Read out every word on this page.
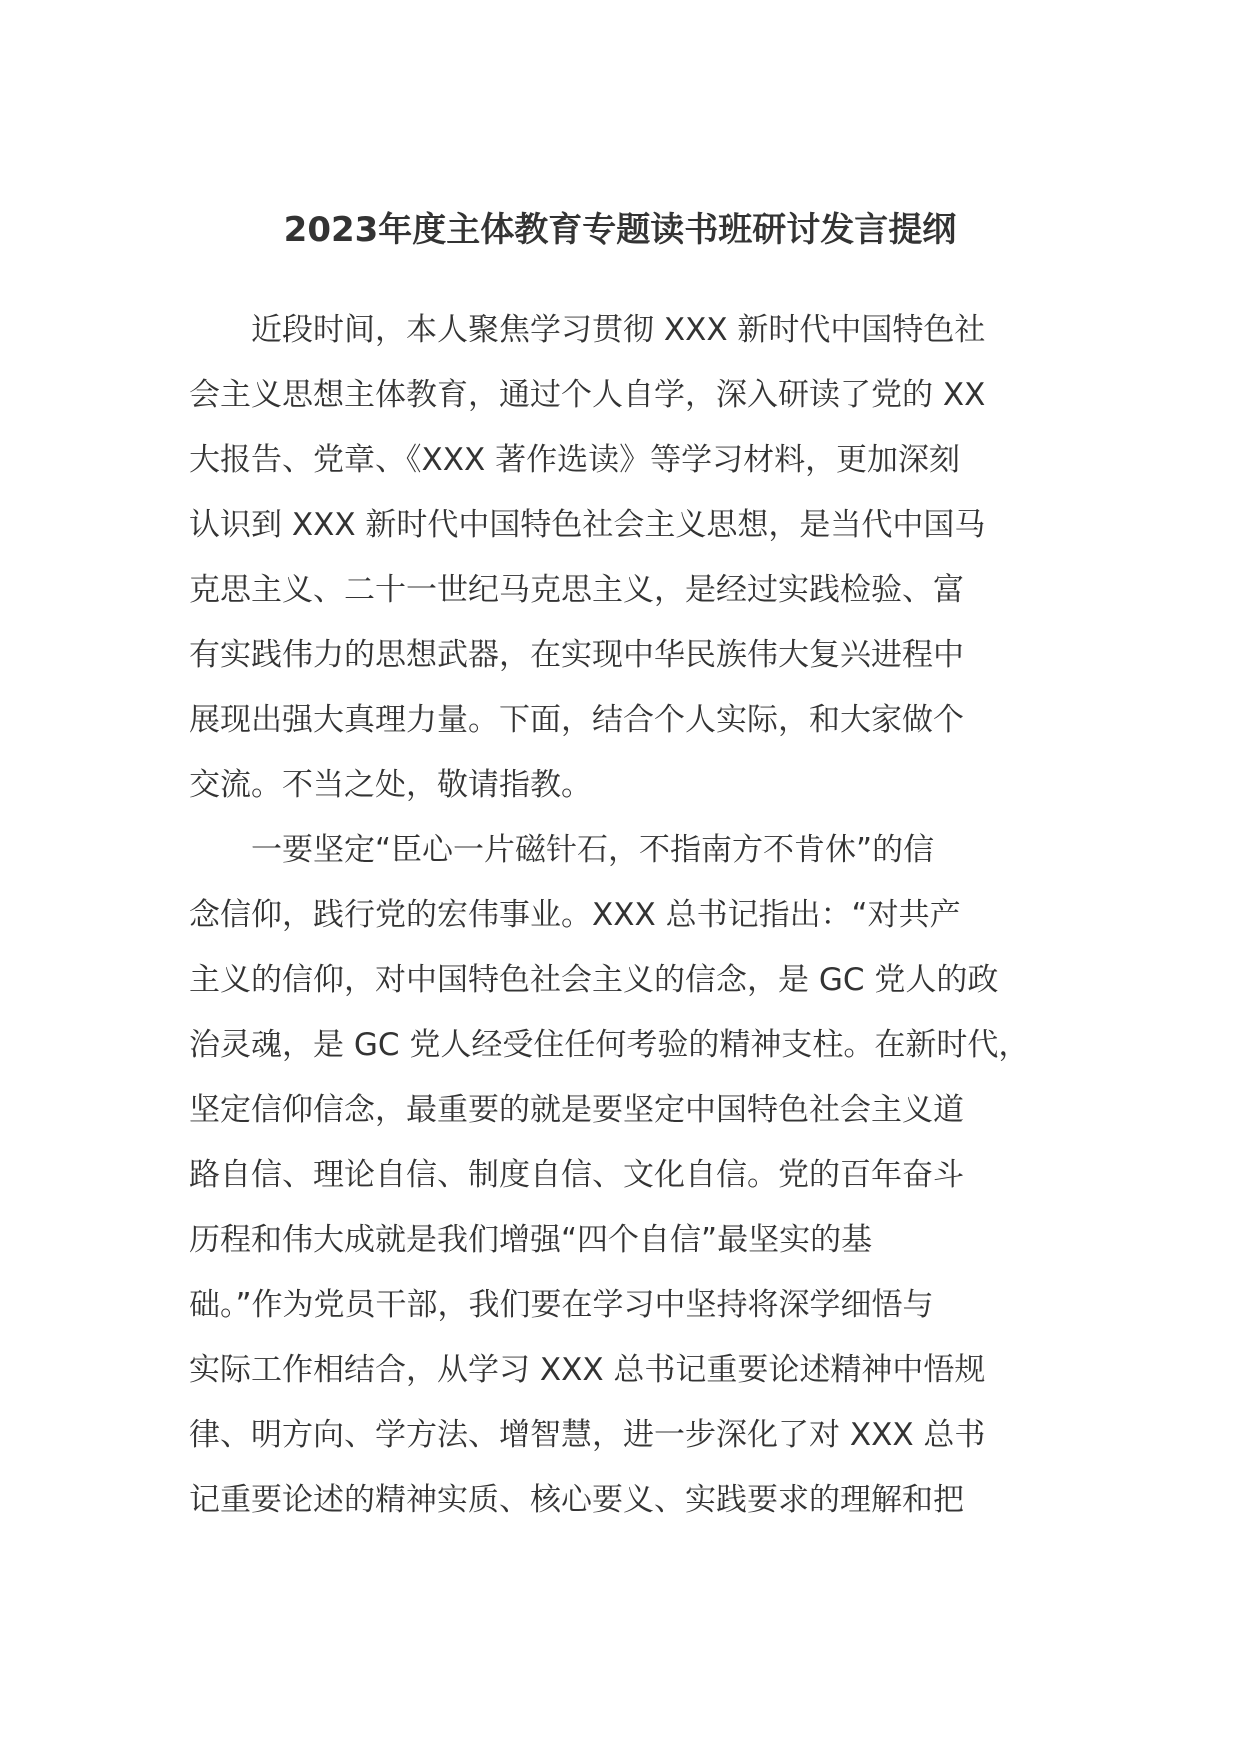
2023年度主体教育专题读书班研讨发言提纲
　　近段时间，本人聚焦学习贯彻 XXX 新时代中国特色社
会主义思想主体教育，通过个人自学，深入研读了党的 XX
大报告、党章、《XXX 著作选读》等学习材料，更加深刻
认识到 XXX 新时代中国特色社会主义思想，是当代中国马
克思主义、二十一世纪马克思主义，是经过实践检验、富
有实践伟力的思想武器，在实现中华民族伟大复兴进程中
展现出强大真理力量。下面，结合个人实际，和大家做个
交流。不当之处，敬请指教。
　　一要坚定“臣心一片磁针石，不指南方不肯休”的信
念信仰，践行党的宏伟事业。XXX 总书记指出：“对共产
主义的信仰，对中国特色社会主义的信念，是 GC 党人的政
治灵魂，是 GC 党人经受住任何考验的精神支柱。在新时代，
坚定信仰信念，最重要的就是要坚定中国特色社会主义道
路自信、理论自信、制度自信、文化自信。党的百年奋斗
历程和伟大成就是我们增强“四个自信”最坚实的基
础。”作为党员干部，我们要在学习中坚持将深学细悟与
实际工作相结合，从学习 XXX 总书记重要论述精神中悟规
律、明方向、学方法、增智慧，进一步深化了对 XXX 总书
记重要论述的精神实质、核心要义、实践要求的理解和把
